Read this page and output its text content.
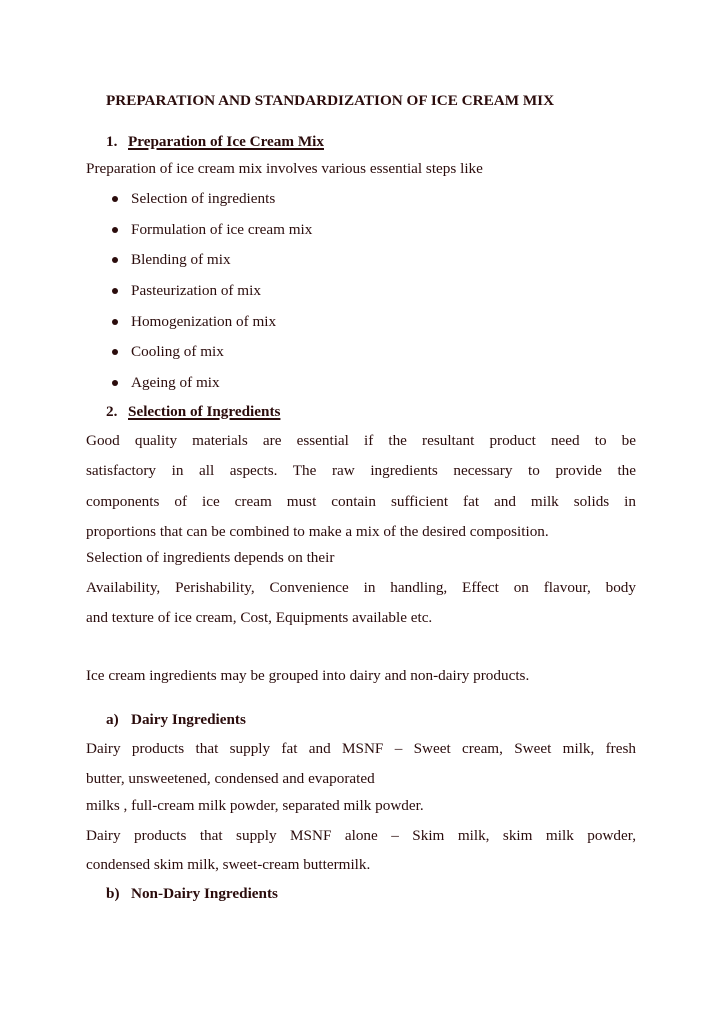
PREPARATION AND STANDARDIZATION OF ICE CREAM MIX
1. Preparation of Ice Cream Mix
Preparation of ice cream mix involves various essential steps like
Selection of ingredients
Formulation of ice cream mix
Blending of mix
Pasteurization of mix
Homogenization of mix
Cooling of mix
Ageing of mix
2. Selection of Ingredients
Good quality materials are essential if the resultant product need to be
satisfactory in all aspects. The raw ingredients necessary to provide the
components of ice cream must contain sufficient fat and milk solids in
proportions that can be combined to make a mix of the desired composition.
Selection of ingredients depends on their
Availability, Perishability, Convenience in handling, Effect on flavour, body
and texture of ice cream, Cost, Equipments available etc.
Ice cream ingredients may be grouped into dairy and non-dairy products.
a) Dairy Ingredients
Dairy products that supply fat and MSNF – Sweet cream, Sweet milk, fresh
butter, unsweetened, condensed and evaporated
milks , full-cream milk powder, separated milk powder.
Dairy products that supply MSNF alone – Skim milk, skim milk powder,
condensed skim milk, sweet-cream buttermilk.
b) Non-Dairy Ingredients
